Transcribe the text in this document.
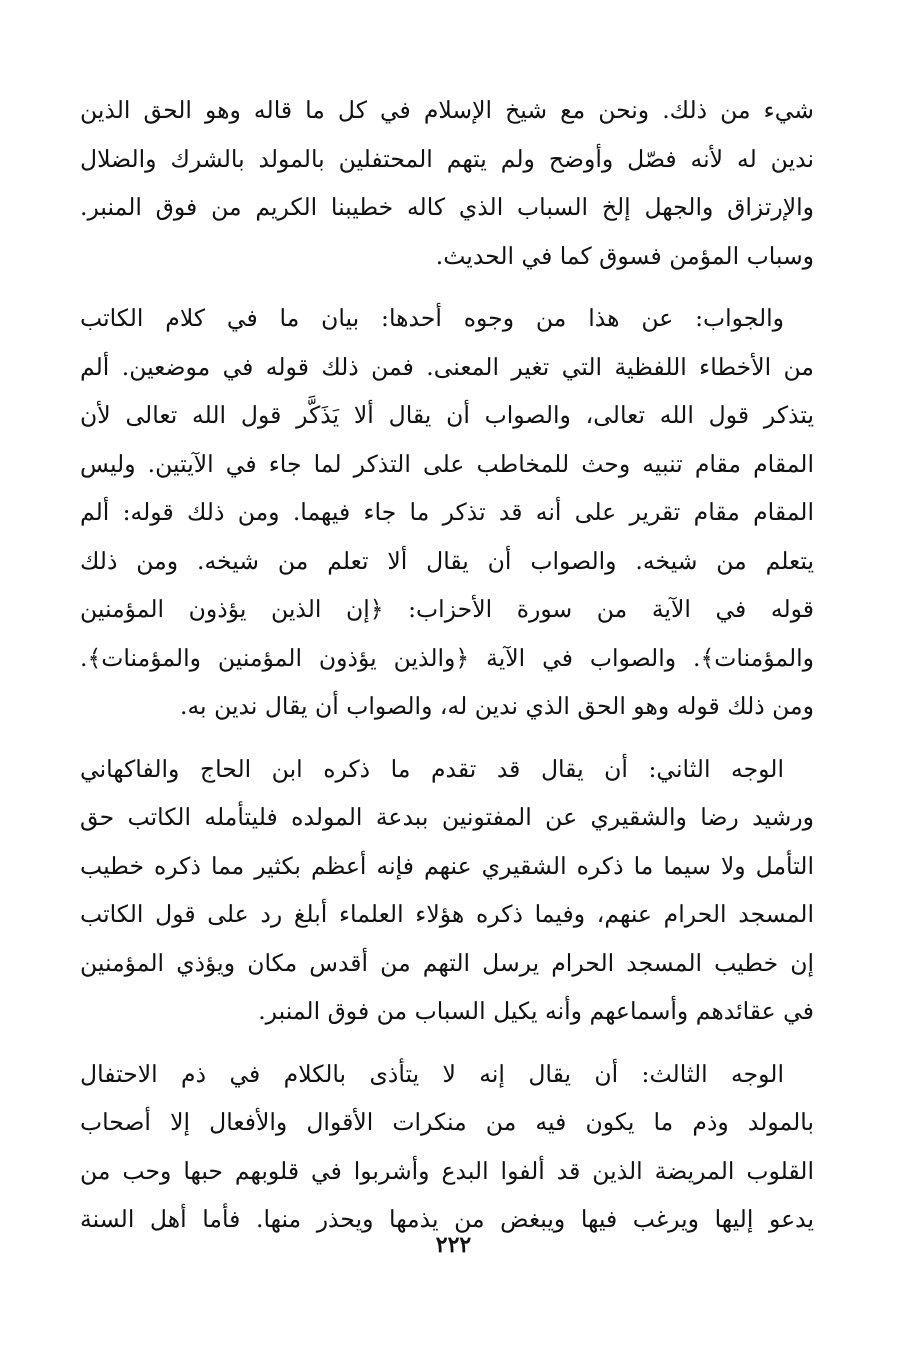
شيء من ذلك. ونحن مع شيخ الإسلام في كل ما قاله وهو الحق الذين
ندين له لأنه فصّل وأوضح ولم يتهم المحتفلين بالمولد بالشرك والضلال
والإرتزاق والجهل إلخ السباب الذي كاله خطيبنا الكريم من فوق المنبر.
وسباب المؤمن فسوق كما في الحديث.
والجواب: عن هذا من وجوه أحدها: بيان ما في كلام الكاتب
من الأخطاء اللفظية التي تغير المعنى. فمن ذلك قوله في موضعين. ألم
يتذكر قول الله تعالى، والصواب أن يقال ألا يَذَكَّر قول الله تعالى لأن
المقام مقام تنبيه وحث للمخاطب على التذكر لما جاء في الآيتين. وليس
المقام مقام تقرير على أنه قد تذكر ما جاء فيهما. ومن ذلك قوله: ألم
يتعلم من شيخه. والصواب أن يقال ألا تعلم من شيخه. ومن ذلك
قوله في الآية من سورة الأحزاب: ﴿إن الذين يؤذون المؤمنين
والمؤمنات﴾. والصواب في الآية ﴿والذين يؤذون المؤمنين والمؤمنات﴾.
ومن ذلك قوله وهو الحق الذي ندين له، والصواب أن يقال ندين به.
الوجه الثاني: أن يقال قد تقدم ما ذكره ابن الحاج والفاكهاني
ورشيد رضا والشقيري عن المفتونين ببدعة المولده فليتأمله الكاتب حق
التأمل ولا سيما ما ذكره الشقيري عنهم فإنه أعظم بكثير مما ذكره خطيب
المسجد الحرام عنهم، وفيما ذكره هؤلاء العلماء أبلغ رد على قول الكاتب
إن خطيب المسجد الحرام يرسل التهم من أقدس مكان ويؤذي المؤمنين
في عقائدهم وأسماعهم وأنه يكيل السباب من فوق المنبر.
الوجه الثالث: أن يقال إنه لا يتأذى بالكلام في ذم الاحتفال
بالمولد وذم ما يكون فيه من منكرات الأقوال والأفعال إلا أصحاب
القلوب المريضة الذين قد ألفوا البدع وأشربوا في قلوبهم حبها وحب من
يدعو إليها ويرغب فيها ويبغض من يذمها ويحذر منها. فأما أهل السنة
٢٢٢
